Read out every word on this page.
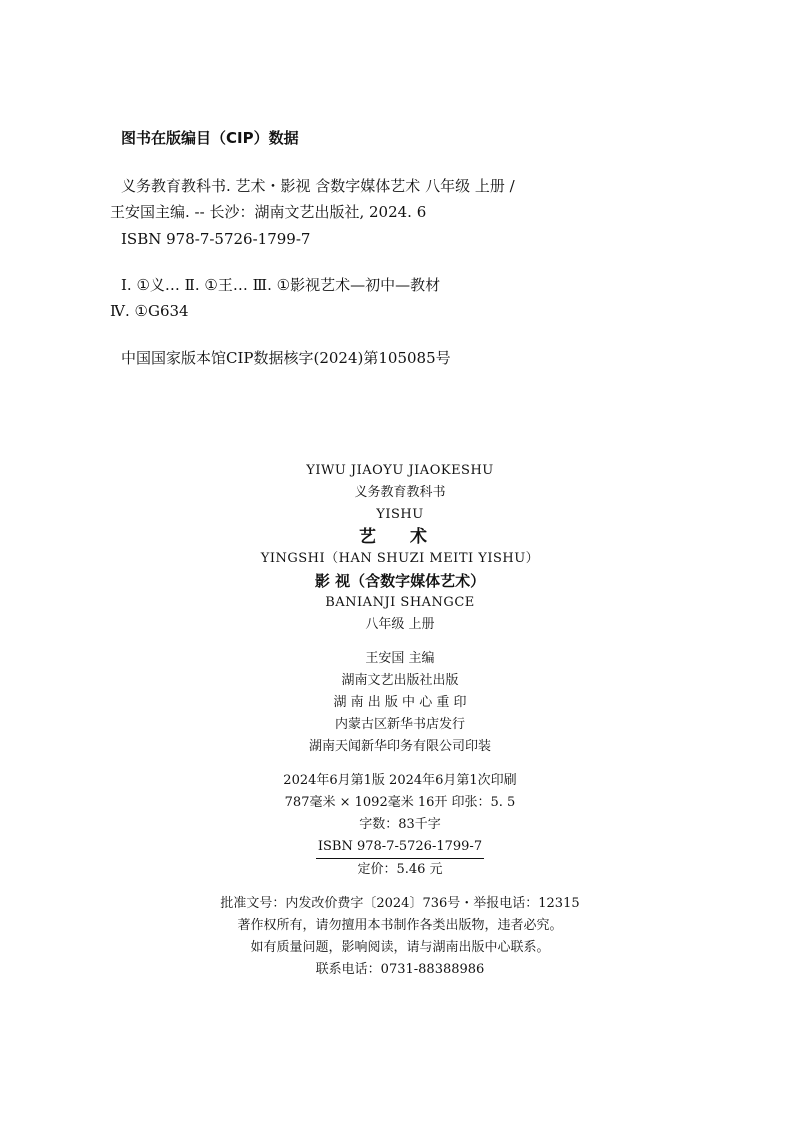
图书在版编目（CIP）数据
义务教育教科书. 艺术・影视 含数字媒体艺术 八年级 上册 /
王安国主编. -- 长沙：湖南文艺出版社, 2024. 6
ISBN 978-7-5726-1799-7
Ⅰ. ①义… Ⅱ. ①王… Ⅲ. ①影视艺术—初中—教材
Ⅳ. ①G634
中国国家版本馆CIP数据核字(2024)第105085号
YIWU JIAOYU JIAOKESHU
义务教育教科书
YISHU
艺 术
YINGSHI（HAN SHUZI MEITI YISHU）
影 视（含数字媒体艺术）
BANIANJI SHANGCE
八年级 上册
王安国 主编
湖南文艺出版社出版
湖 南 出 版 中 心 重 印
内蒙古区新华书店发行
湖南天闻新华印务有限公司印装
2024年6月第1版 2024年6月第1次印刷
787毫米 × 1092毫米 16开 印张：5. 5
字数：83千字
ISBN 978-7-5726-1799-7
定价：5.46 元
批准文号：内发改价费字〔2024〕736号・举报电话：12315
著作权所有，请勿擅用本书制作各类出版物，违者必究。
如有质量问题，影响阅读，请与湖南出版中心联系。
联系电话：0731-88388986
